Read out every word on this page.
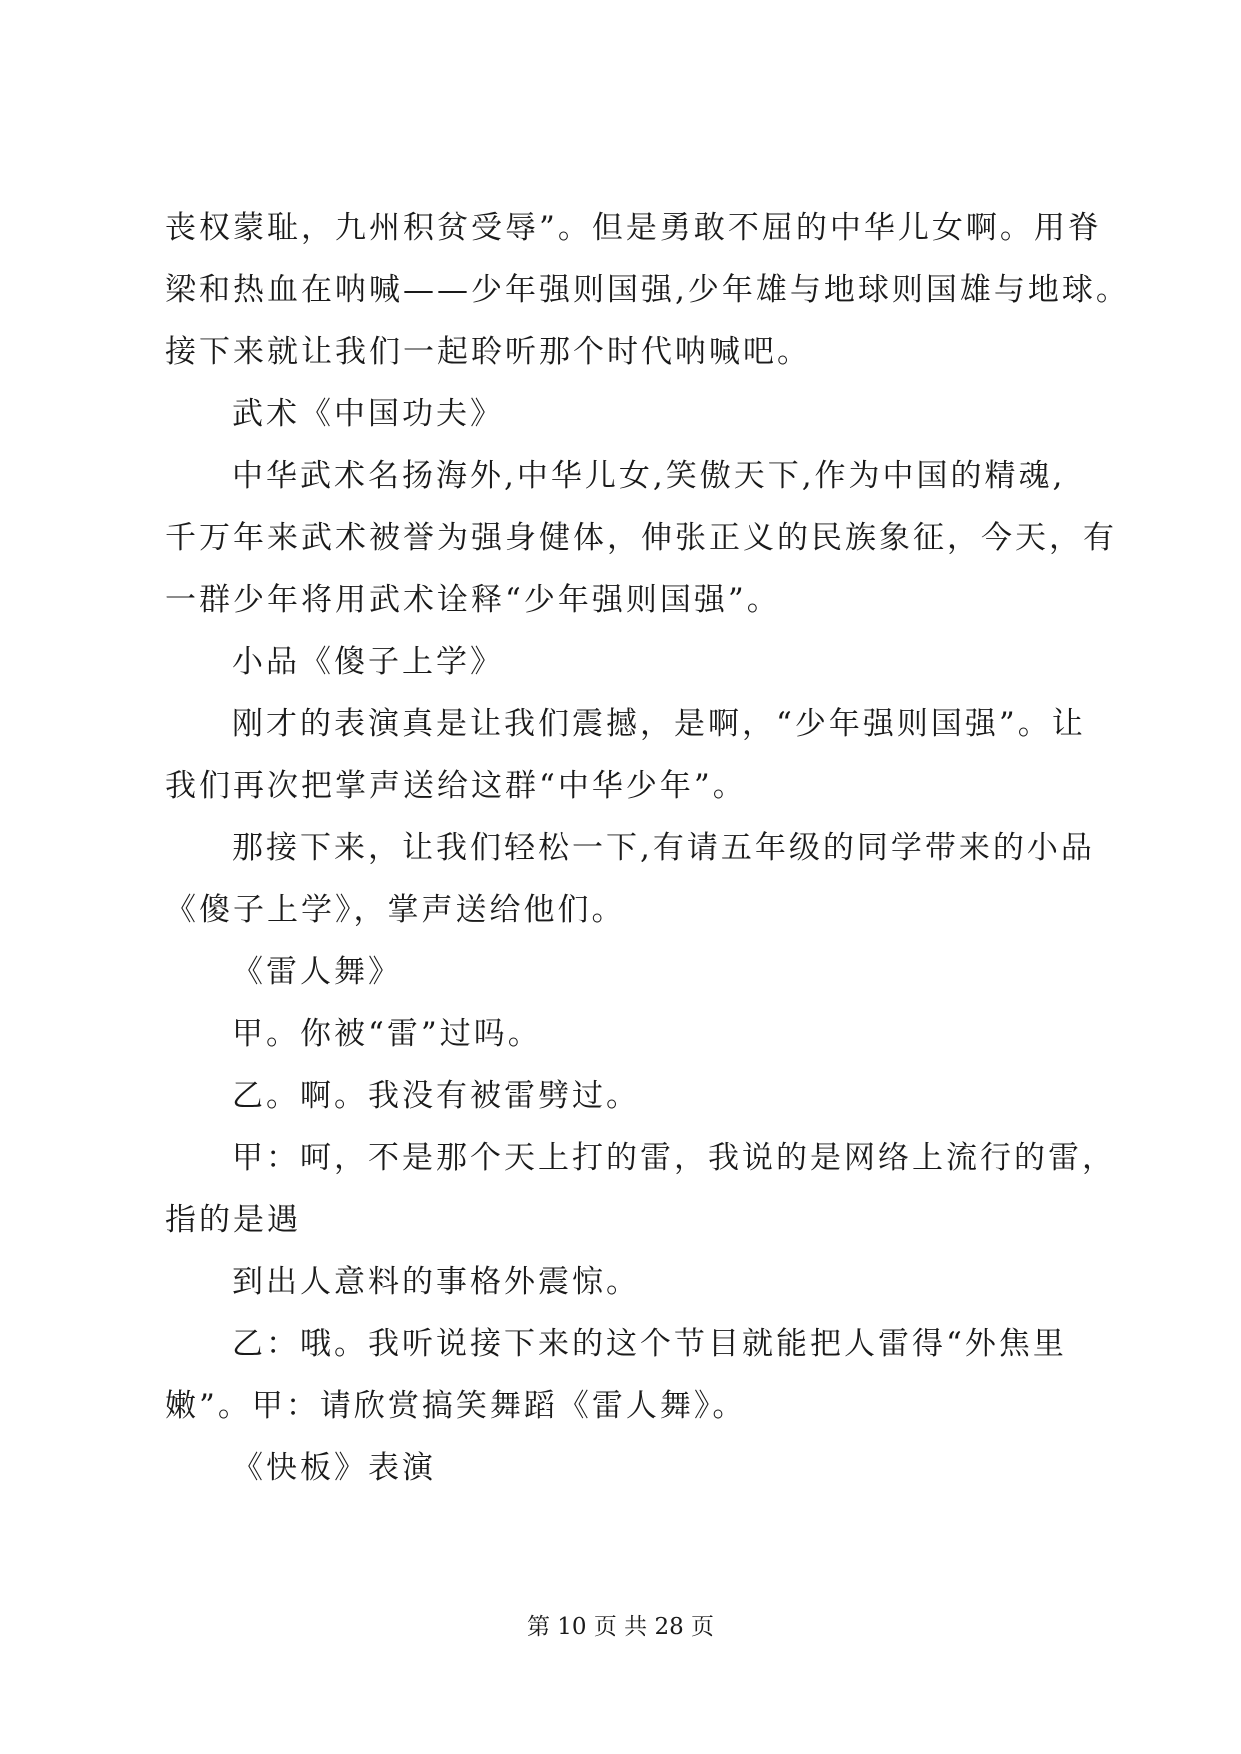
丧权蒙耻，九州积贫受辱”。但是勇敢不屈的中华儿女啊。用脊
梁和热血在呐喊——少年强则国强,少年雄与地球则国雄与地球。
接下来就让我们一起聆听那个时代呐喊吧。
武术《中国功夫》
中华武术名扬海外,中华儿女,笑傲天下,作为中国的精魂,
千万年来武术被誉为强身健体，伸张正义的民族象征，今天，有
一群少年将用武术诠释“少年强则国强”。
小品《傻子上学》
刚才的表演真是让我们震撼，是啊，“少年强则国强”。让
我们再次把掌声送给这群“中华少年”。
那接下来，让我们轻松一下,有请五年级的同学带来的小品
《傻子上学》，掌声送给他们。
《雷人舞》
甲。你被“雷”过吗。
乙。啊。我没有被雷劈过。
甲：呵，不是那个天上打的雷，我说的是网络上流行的雷，
指的是遇
到出人意料的事格外震惊。
乙：哦。我听说接下来的这个节目就能把人雷得“外焦里
嫩”。甲：请欣赏搞笑舞蹈《雷人舞》。
《快板》表演
第 10 页 共 28 页
